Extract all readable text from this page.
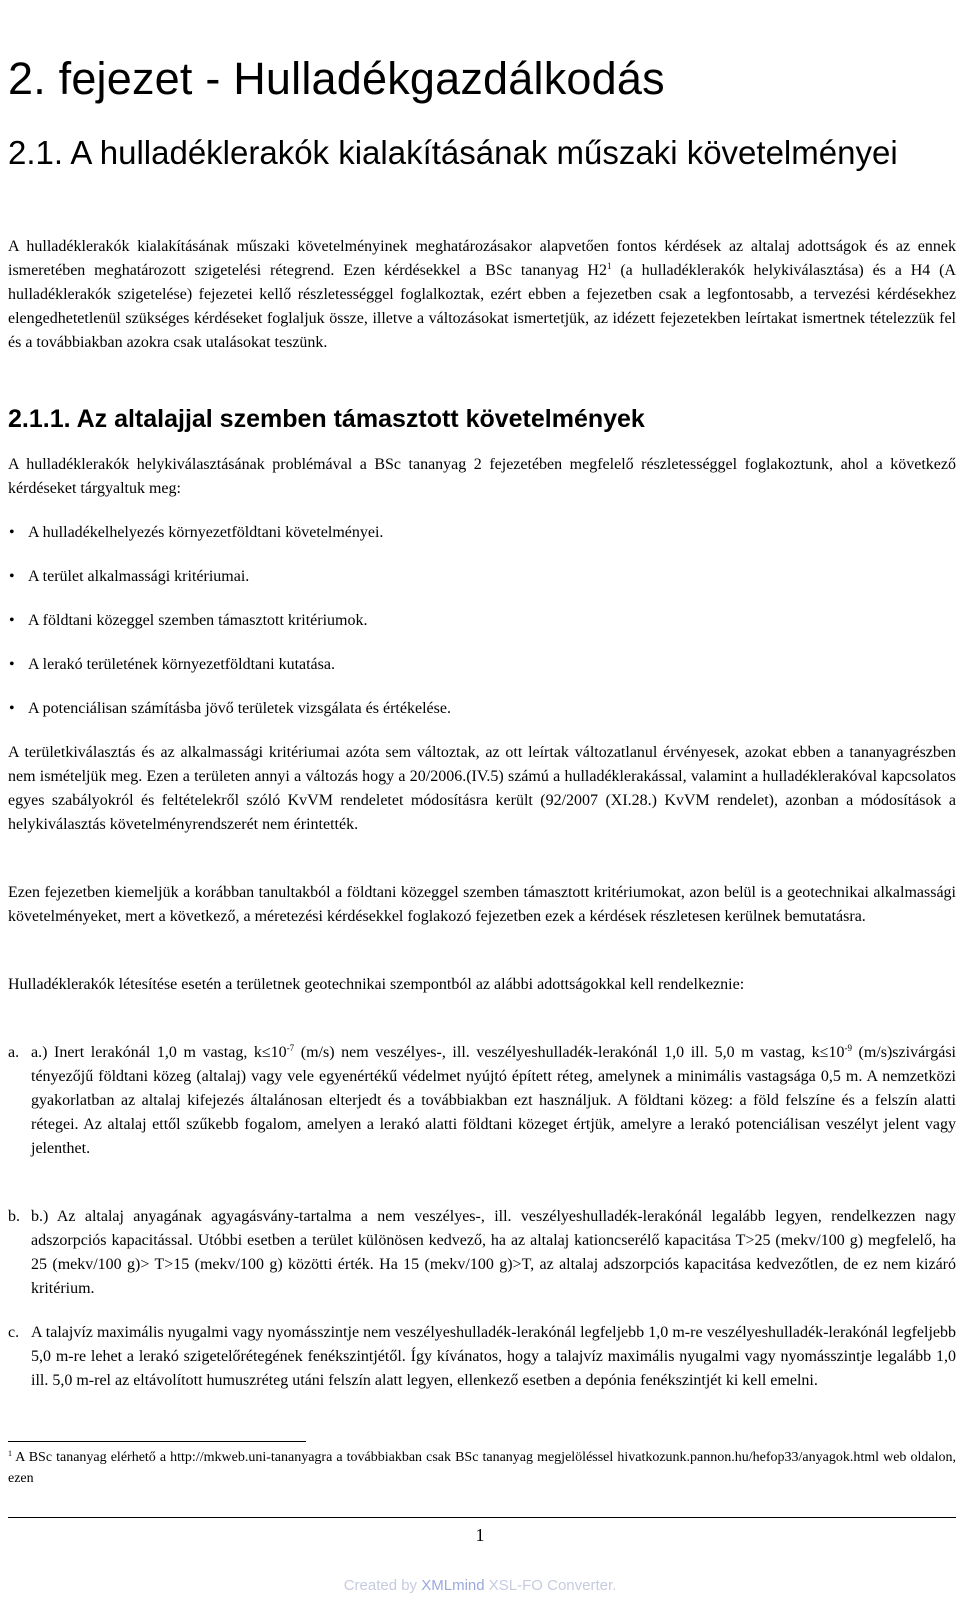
2. fejezet - Hulladékgazdálkodás
2.1. A hulladéklerakók kialakításának műszaki követelményei

A hulladéklerakók kialakításának műszaki követelményinek meghatározásakor alapvetően fontos kérdések az altalaj adottságok és az ennek ismeretében meghatározott szigetelési rétegrend. Ezen kérdésekkel a BSc tananyag $H2^1$ (a hulladéklerakók helykiválasztása) és a H4 (A hulladéklerakók szigetelése) fejezetei kellő részletességgel foglalkoztak, ezért ebben a fejezetben csak a legfontosabb, a tervezési kérdésekhez elengedhetetlenül szükséges kérdéseket foglaljuk össze, illetve a változásokat ismertetjük, az idézett fejezetekben leírtakat ismertnek tételezzük fel és a továbbiakban azokra csak utalásokat teszünk.

2.1.1. Az altalajjal szemben támasztott követelmények

A hulladéklerakók helykiválasztásának problémával a BSc tananyag 2 fejezetében megfelelő részletességgel foglakoztunk, ahol a következő kérdéseket tárgyaltuk meg:

• A hulladékelhelyezés környezetföldtani követelményei.
• A terület alkalmassági kritériumai.
• A földtani közeggel szemben támasztott kritériumok.
• A lerakó területének környezetföldtani kutatása.
• A potenciálisan számításba jövő területek vizsgálata és értékelése.

A területkiválasztás és az alkalmassági kritériumai azóta sem változtak, az ott leírtak változatlanul érvényesek, azokat ebben a tananyagrészben nem ismételjük meg. Ezen a területen annyi a változás hogy a 20/2006.(IV.5) számú a hulladéklerakással, valamint a hulladéklerakóval kapcsolatos egyes szabályokról és feltételekről szóló KvVM rendeletet módosításra került (92/2007 (XI.28.) KvVM rendelet), azonban a módosítások a helykiválasztás követelményrendszerét nem érintették.

Ezen fejezetben kiemeljük a korábban tanultakból a földtani közeggel szemben támasztott kritériumokat, azon belül is a geotechnikai alkalmassági követelményeket, mert a következő, a méretezési kérdésekkel foglakozó fejezetben ezek a kérdések részletesen kerülnek bemutatásra.

Hulladéklerakók létesítése esetén a területnek geotechnikai szempontból az alábbi adottságokkal kell rendelkeznie:

a. a.) Inert lerakónál 1,0 m vastag, $k\le 10^{-7}$ (m/s) nem veszélyes-, ill. veszélyeshulladék-lerakónál 1,0 ill. 5,0 m vastag, $k\le 10^{-9}$ (m/s)szivárgási tényezőjű földtani közeg (altalaj) vagy vele egyenértékű védelmet nyújtó épített réteg, amelynek a minimális vastagsága 0,5 m. A nemzetközi gyakorlatban az altalaj kifejezés általánosan elterjedt és a továbbiakban ezt használjuk. A földtani közeg: a föld felszíne és a felszín alatti rétegei. Az altalaj ettől szűkebb fogalom, amelyen a lerakó alatti földtani közeget értjük, amelyre a lerakó potenciálisan veszélyt jelent vagy jelenthet.

b. b.) Az altalaj anyagának agyagásvány-tartalma a nem veszélyes-, ill. veszélyeshulladék-lerakónál legalább legyen, rendelkezzen nagy adszorpciós kapacitással. Utóbbi esetben a terület különösen kedvező, ha az altalaj kationcserélő kapacitása T>25 (mekv/100 g) megfelelő, ha 25 (mekv/100 g)> T>15 (mekv/100 g) közötti érték. Ha 15 (mekv/100 g)>T, az altalaj adszorpciós kapacitása kedvezőtlen, de ez nem kizáró kritérium.

c. A talajvíz maximális nyugalmi vagy nyomásszintje nem veszélyeshulladék-lerakónál legfeljebb 1,0 m-re veszélyeshulladék-lerakónál legfeljebb 5,0 m-re lehet a lerakó szigetelőrétegének fenékszintjétől. Így kívánatos, hogy a talajvíz maximális nyugalmi vagy nyomásszintje legalább 1,0 ill. 5,0 m-rel az eltávolított humuszréteg utáni felszín alatt legyen, ellenkező esetben a depónia fenékszintjét ki kell emelni.

$^1$ A BSc tananyag elérhető a http://mkweb.uni-tananyagra a továbbiakban csak BSc tananyag megjelöléssel hivatkozunk.pannon.hu/hefop33/anyagok.html web oldalon, ezen

1
Created by XMLmind XSL-FO Converter.
